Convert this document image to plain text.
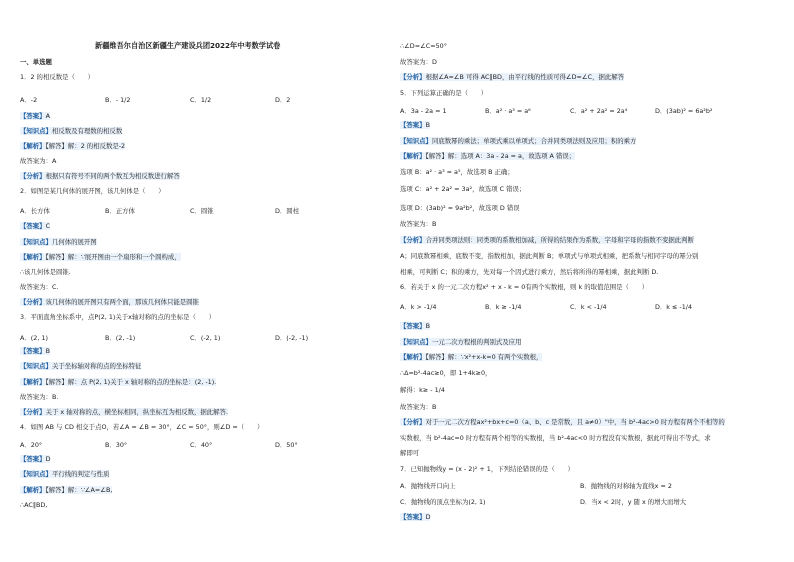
新疆维吾尔自治区新疆生产建设兵团2022年中考数学试卷
一、单选题
1．2 的相反数是（　　）
A．-2	B．- 1/2	C．1/2	D．2
【答案】A
【知识点】相反数及有理数的相反数
【解析】【解答】解：2 的相反数是-2
故答案为：A
【分析】根据只有符号不同的两个数互为相反数进行解答
2．如图是某几何体的展开图，该几何体是（　　）
A．长方体	B．正方体	C．圆锥	D．圆柱
【答案】C
【知识点】几何体的展开图
【解析】【解答】解：∵展开图由一个扇形和一个圆构成，
∴该几何体是圆锥.
故答案为：C.
【分析】该几何体的展开图只有两个面，那该几何体只能是圆锥
3．平面直角坐标系中，点P(2, 1)关于x轴对称的点的坐标是（　　）
A．(2, 1)	B．(2, -1)	C．(-2, 1)	D．(-2, -1)
【答案】B
【知识点】关于坐标轴对称的点的坐标特征
【解析】【解答】解：点 P(2, 1)关于 x 轴对称的点的坐标是：(2, -1).
故答案为：B.
【分析】关于 x 轴对称的点，横坐标相同，纵坐标互为相反数，据此解答.
4．如图 AB 与 CD 相交于点O，若∠A = ∠B = 30°，∠C = 50°，则∠D =（　　）
A．20°	B．30°	C．40°	D．50°
【答案】D
【知识点】平行线的判定与性质
【解析】【解答】解：∵∠A=∠B,
∴AC∥BD,
∴∠D=∠C=50°
故答案为：D
【分析】根据∠A=∠B 可得 AC∥BD，由平行线的性质可得∠D=∠C，据此解答
5．下列运算正确的是（　　）
A．3a - 2a = 1	B．a² · a³ = a⁶	C．a² + 2a² = 2a⁴	D．(3ab)² = 6a²b²
【答案】B
【知识点】同底数幂的乘法；单项式乘以单项式；合并同类项法则及应用；积的乘方
【解析】【解答】解：选项 A：3a - 2a = a，故选项 A 错误；
选项 B：a² · a³ = a⁵，故选项 B 正确；
选项 C：a² + 2a² = 3a²，故选项 C 错误；
选项 D：(3ab)² = 9a²b²，故选项 D 错误
故答案为：B
【分析】合并同类项法则：同类项的系数相加减，所得的结果作为系数，字母和字母的指数不变据此判断
A；同底数幂相乘，底数不变，指数相加，据此判断 B；单项式与单项式相乘，把系数与相同字母的幂分别
相乘，可判断 C；积的乘方，先对每一个因式进行乘方，然后将所得的幂相乘，据此判断 D.
6．若关于 x 的一元二次方程x² + x - k = 0有两个实数根，则 k 的取值范围是（　　）
A．k > -1/4	B．k ≥ -1/4	C．k < -1/4	D．k ≤ -1/4
【答案】B
【知识点】一元二次方程根的判别式及应用
【解析】【解答】解：∵x²+x-k=0 有两个实数根，
∴Δ=b²-4ac≥0，即 1+4k≥0，
解得：k≥ - 1/4
故答案为：B
【分析】对于一元二次方程ax²+bx+c=0（a、b、c 是常数，且 a≠0）"中，当 b²-4ac>0 时方程有两个不相等的
实数根，当 b²-4ac=0 时方程有两个相等的实数根，当 b²-4ac<0 时方程没有实数根，据此可得出不等式，求
解即可
7．已知抛物线y = (x - 2)² + 1，下列结论错误的是（　　）
A．抛物线开口向上	B．抛物线的对称轴为直线x = 2
C．抛物线的顶点坐标为(2, 1)	D．当x < 2时，y 随 x 的增大而增大
【答案】D
